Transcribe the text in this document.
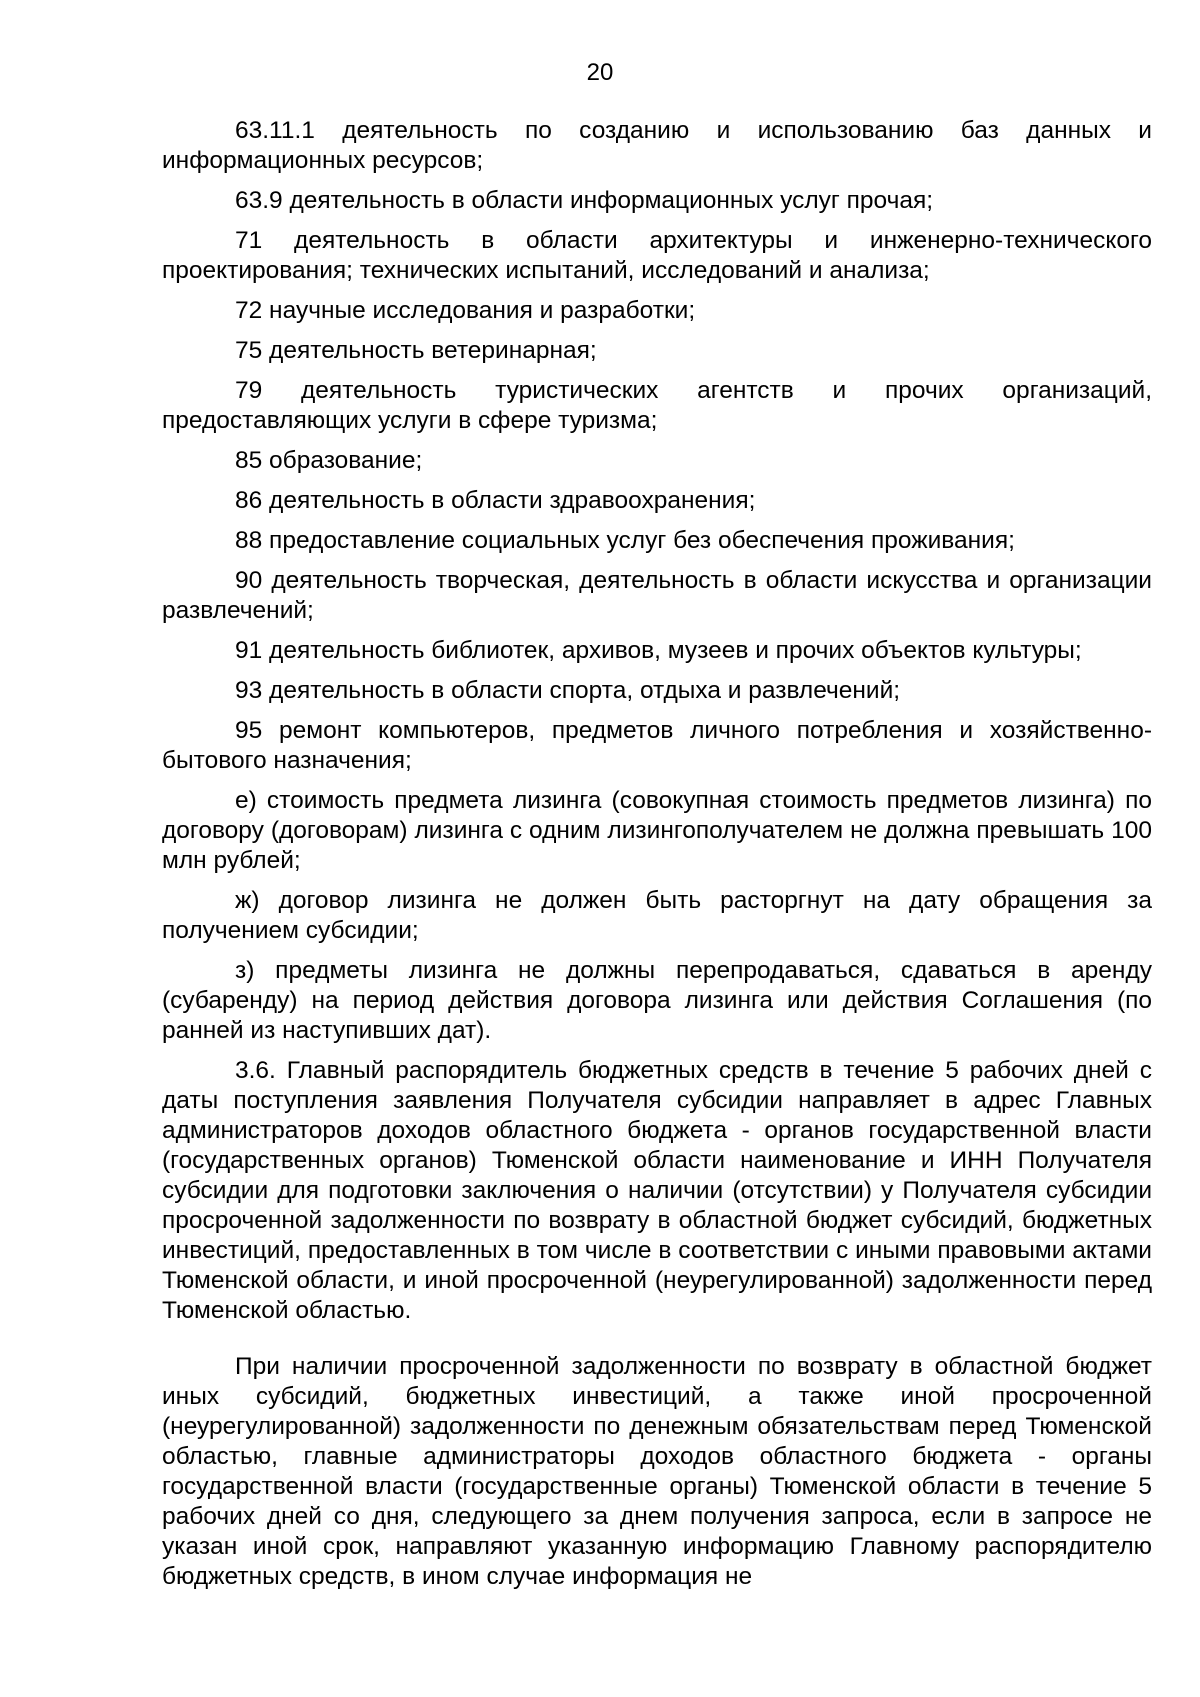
20

63.11.1 деятельность по созданию и использованию баз данных и информационных ресурсов;

63.9 деятельность в области информационных услуг прочая;

71 деятельность в области архитектуры и инженерно-технического проектирования; технических испытаний, исследований и анализа;

72 научные исследования и разработки;

75 деятельность ветеринарная;

79 деятельность туристических агентств и прочих организаций, предоставляющих услуги в сфере туризма;

85 образование;

86 деятельность в области здравоохранения;

88 предоставление социальных услуг без обеспечения проживания;

90 деятельность творческая, деятельность в области искусства и организации развлечений;

91 деятельность библиотек, архивов, музеев и прочих объектов культуры;

93 деятельность в области спорта, отдыха и развлечений;

95 ремонт компьютеров, предметов личного потребления и хозяйственно-бытового назначения;

е) стоимость предмета лизинга (совокупная стоимость предметов лизинга) по договору (договорам) лизинга с одним лизингополучателем не должна превышать 100 млн рублей;

ж) договор лизинга не должен быть расторгнут на дату обращения за получением субсидии;

з) предметы лизинга не должны перепродаваться, сдаваться в аренду (субаренду) на период действия договора лизинга или действия Соглашения (по ранней из наступивших дат).

3.6. Главный распорядитель бюджетных средств в течение 5 рабочих дней с даты поступления заявления Получателя субсидии направляет в адрес Главных администраторов доходов областного бюджета - органов государственной власти (государственных органов) Тюменской области наименование и ИНН Получателя субсидии для подготовки заключения о наличии (отсутствии) у Получателя субсидии просроченной задолженности по возврату в областной бюджет субсидий, бюджетных инвестиций, предоставленных в том числе в соответствии с иными правовыми актами Тюменской области, и иной просроченной (неурегулированной) задолженности перед Тюменской областью.

При наличии просроченной задолженности по возврату в областной бюджет иных субсидий, бюджетных инвестиций, а также иной просроченной (неурегулированной) задолженности по денежным обязательствам перед Тюменской областью, главные администраторы доходов областного бюджета - органы государственной власти (государственные органы) Тюменской области в течение 5 рабочих дней со дня, следующего за днем получения запроса, если в запросе не указан иной срок, направляют указанную информацию Главному распорядителю бюджетных средств, в ином случае информация не
